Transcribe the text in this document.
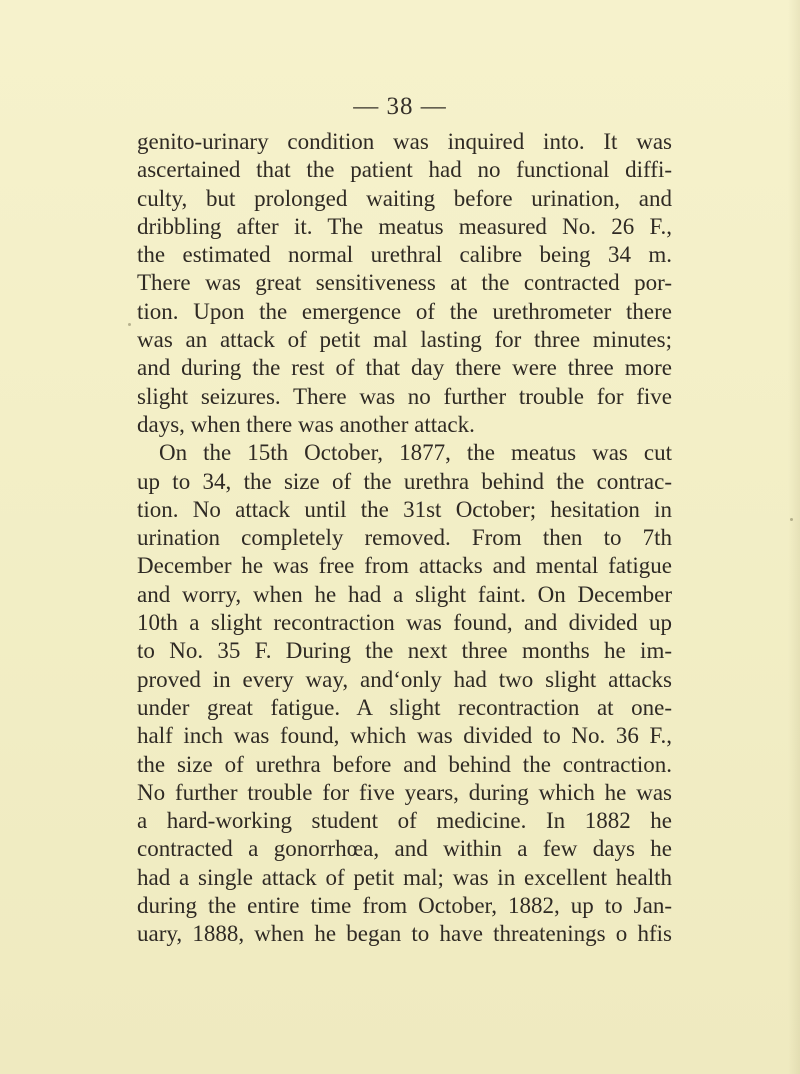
— 38 —
genito-urinary condition was inquired into. It was
ascertained that the patient had no functional diffi-
culty, but prolonged waiting before urination, and
dribbling after it. The meatus measured No. 26 F.,
the estimated normal urethral calibre being 34 m.
There was great sensitiveness at the contracted por-
tion. Upon the emergence of the urethrometer there
was an attack of petit mal lasting for three minutes;
and during the rest of that day there were three more
slight seizures. There was no further trouble for five
days, when there was another attack.
On the 15th October, 1877, the meatus was cut
up to 34, the size of the urethra behind the contrac-
tion. No attack until the 31st October; hesitation in
urination completely removed. From then to 7th
December he was free from attacks and mental fatigue
and worry, when he had a slight faint. On December
10th a slight recontraction was found, and divided up
to No. 35 F. During the next three months he im-
proved in every way, and‘only had two slight attacks
under great fatigue. A slight recontraction at one-
half inch was found, which was divided to No. 36 F.,
the size of urethra before and behind the contraction.
No further trouble for five years, during which he was
a hard-working student of medicine. In 1882 he
contracted a gonorrhœa, and within a few days he
had a single attack of petit mal; was in excellent health
during the entire time from October, 1882, up to Jan-
uary, 1888, when he began to have threatenings o hfis
